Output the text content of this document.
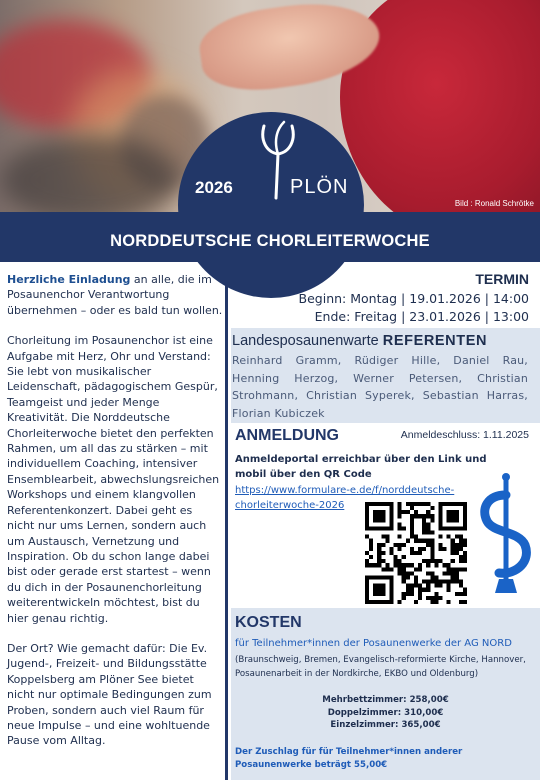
Bild : Ronald Schrötke
2026	PLÖN
NORDDEUTSCHE CHORLEITERWOCHE

Herzliche Einladung an alle, die im Posaunenchor Verantwortung übernehmen – oder es bald tun wollen.

Chorleitung im Posaunenchor ist eine Aufgabe mit Herz, Ohr und Verstand: Sie lebt von musikalischer Leidenschaft, pädagogischem Gespür, Teamgeist und jeder Menge Kreativität. Die Norddeutsche Chorleiterwoche bietet den perfekten Rahmen, um all das zu stärken – mit individuellem Coaching, intensiver Ensemblearbeit, abwechslungsreichen Workshops und einem klangvollen Referentenkonzert. Dabei geht es nicht nur ums Lernen, sondern auch um Austausch, Vernetzung und Inspiration. Ob du schon lange dabei bist oder gerade erst startest – wenn du dich in der Posaunenchorleitung weiterentwickeln möchtest, bist du hier genau richtig.

Der Ort? Wie gemacht dafür: Die Ev. Jugend-, Freizeit- und Bildungsstätte Koppelsberg am Plöner See bietet nicht nur optimale Bedingungen zum Proben, sondern auch viel Raum für neue Impulse – und eine wohltuende Pause vom Alltag.

TERMIN
Beginn: Montag | 19.01.2026 | 14:00
Ende: Freitag | 23.01.2026 | 13:00
Landesposaunenwarte REFERENTEN
Reinhard Gramm, Rüdiger Hille, Daniel Rau, Henning Herzog, Werner Petersen, Christian Strohmann, Christian Syperek, Sebastian Harras, Florian Kubiczek
ANMELDUNG	Anmeldeschluss: 1.11.2025
Anmeldeportal erreichbar über den Link und mobil über den QR Code
https://www.formulare-e.de/f/norddeutsche-chorleiterwoche-2026
KOSTEN
für Teilnehmer*innen der Posaunenwerke der AG NORD
(Braunschweig, Bremen, Evangelisch-reformierte Kirche, Hannover, Posaunenarbeit in der Nordkirche, EKBO und Oldenburg)
Mehrbettzimmer: 258,00€
Doppelzimmer: 310,00€
Einzelzimmer: 365,00€
Der Zuschlag für für Teilnehmer*innen anderer Posaunenwerke beträgt 55,00€
